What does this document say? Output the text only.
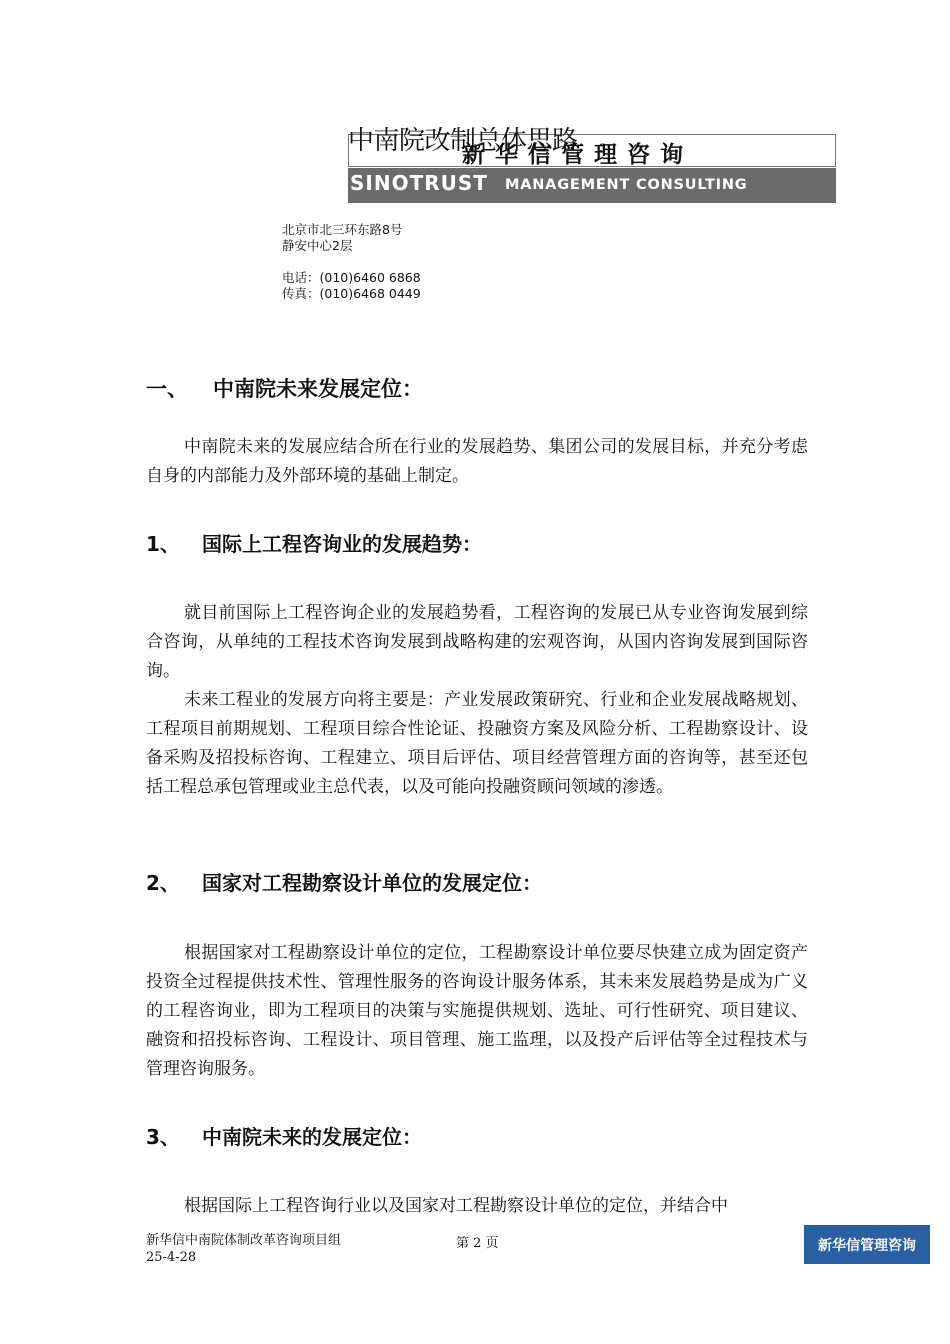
新华信管理咨询
中南院改制总体思路
SINOTRUST MANAGEMENT CONSULTING
北京市北三环东路8号
静安中心2层
电话：(010)6460 6868
传真：(010)6468 0449
一、 中南院未来发展定位：

中南院未来的发展应结合所在行业的发展趋势、集团公司的发展目标，并充分考虑自身的内部能力及外部环境的基础上制定。

1、 国际上工程咨询业的发展趋势：

就目前国际上工程咨询企业的发展趋势看，工程咨询的发展已从专业咨询发展到综合咨询，从单纯的工程技术咨询发展到战略构建的宏观咨询，从国内咨询发展到国际咨询。

未来工程业的发展方向将主要是：产业发展政策研究、行业和企业发展战略规划、工程项目前期规划、工程项目综合性论证、投融资方案及风险分析、工程勘察设计、设备采购及招投标咨询、工程建立、项目后评估、项目经营管理方面的咨询等，甚至还包括工程总承包管理或业主总代表，以及可能向投融资顾问领域的渗透。

2、 国家对工程勘察设计单位的发展定位：

根据国家对工程勘察设计单位的定位，工程勘察设计单位要尽快建立成为固定资产投资全过程提供技术性、管理性服务的咨询设计服务体系，其未来发展趋势是成为广义的工程咨询业，即为工程项目的决策与实施提供规划、选址、可行性研究、项目建议、融资和招投标咨询、工程设计、项目管理、施工监理，以及投产后评估等全过程技术与管理咨询服务。

3、 中南院未来的发展定位：

根据国际上工程咨询行业以及国家对工程勘察设计单位的定位，并结合中

新华信中南院体制改革咨询项目组
25-4-28
第 2 页	新华信管理咨询
